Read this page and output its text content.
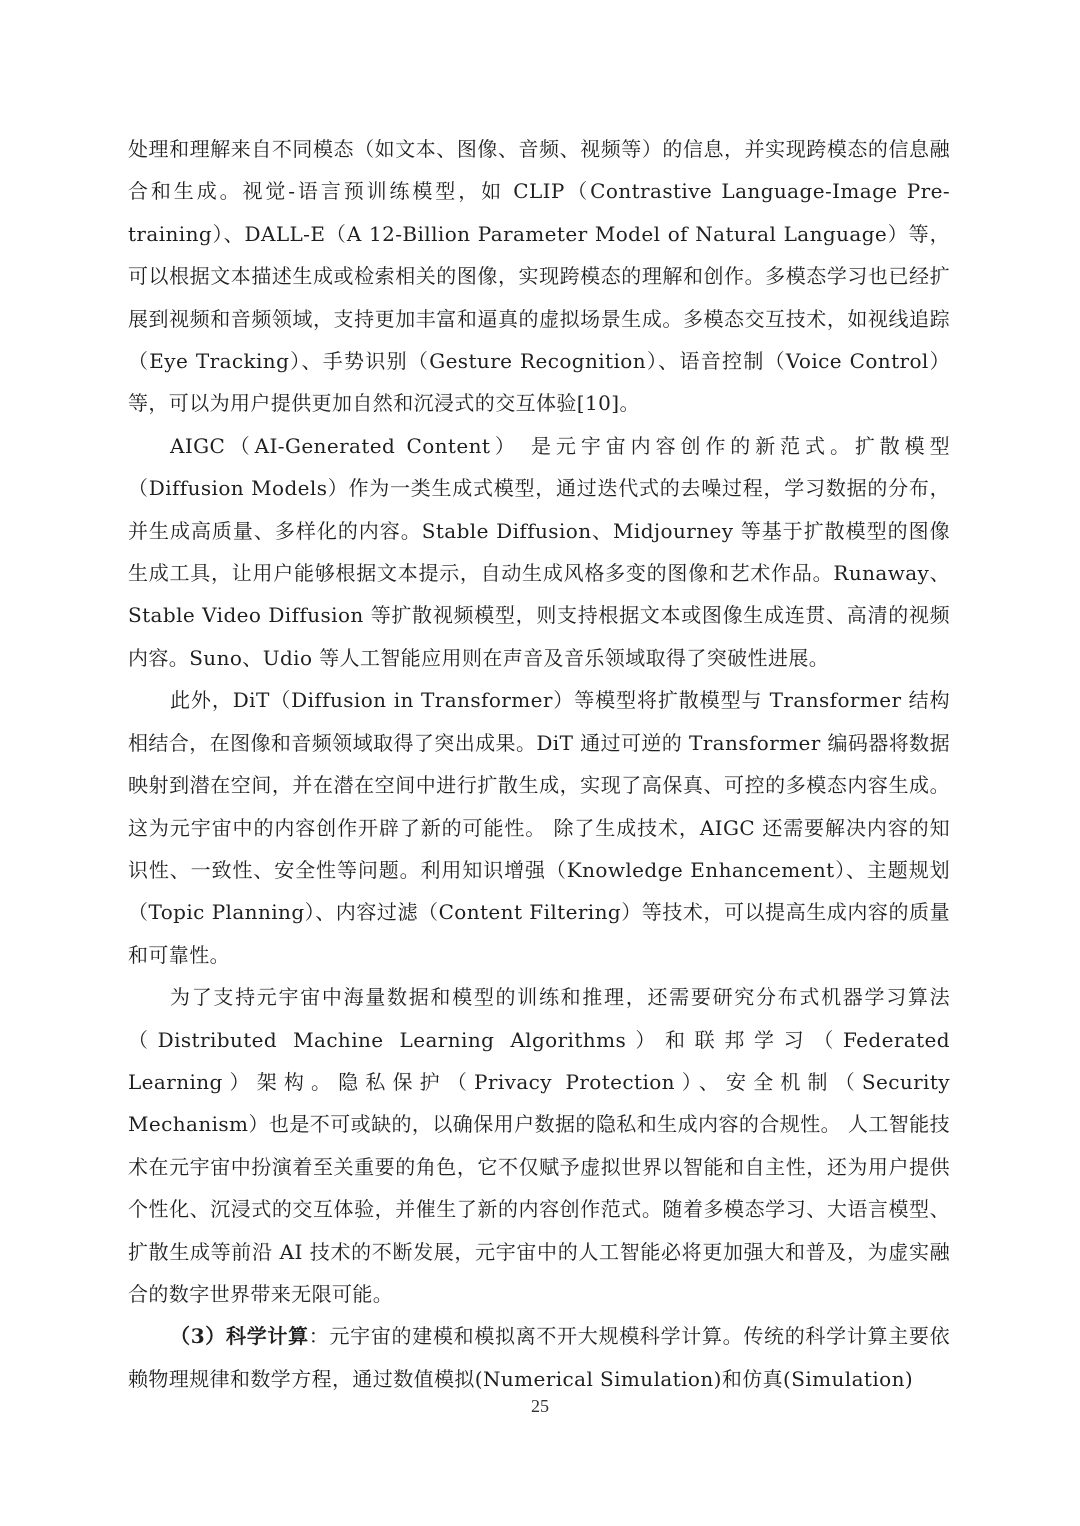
处理和理解来自不同模态（如文本、图像、音频、视频等）的信息，并实现跨模态的信息融合和生成。视觉-语言预训练模型，如 CLIP（Contrastive Language-Image Pre-training）、DALL-E（A 12-Billion Parameter Model of Natural Language）等，可以根据文本描述生成或检索相关的图像，实现跨模态的理解和创作。多模态学习也已经扩展到视频和音频领域，支持更加丰富和逼真的虚拟场景生成。多模态交互技术，如视线追踪（Eye Tracking）、手势识别（Gesture Recognition）、语音控制（Voice Control）等，可以为用户提供更加自然和沉浸式的交互体验[10]。

AIGC（AI-Generated Content） 是元宇宙内容创作的新范式。扩散模型（Diffusion Models）作为一类生成式模型，通过迭代式的去噪过程，学习数据的分布，并生成高质量、多样化的内容。Stable Diffusion、Midjourney 等基于扩散模型的图像生成工具，让用户能够根据文本提示，自动生成风格多变的图像和艺术作品。Runaway、Stable Video Diffusion 等扩散视频模型，则支持根据文本或图像生成连贯、高清的视频内容。Suno、Udio 等人工智能应用则在声音及音乐领域取得了突破性进展。

此外，DiT（Diffusion in Transformer）等模型将扩散模型与 Transformer 结构相结合，在图像和音频领域取得了突出成果。DiT 通过可逆的 Transformer 编码器将数据映射到潜在空间，并在潜在空间中进行扩散生成，实现了高保真、可控的多模态内容生成。这为元宇宙中的内容创作开辟了新的可能性。 除了生成技术，AIGC 还需要解决内容的知识性、一致性、安全性等问题。利用知识增强（Knowledge Enhancement）、主题规划（Topic Planning）、内容过滤（Content Filtering）等技术，可以提高生成内容的质量和可靠性。

为了支持元宇宙中海量数据和模型的训练和推理，还需要研究分布式机器学习算法（Distributed Machine Learning Algorithms）和联邦学习（Federated Learning）架构。隐私保护（Privacy Protection）、安全机制（Security Mechanism）也是不可或缺的，以确保用户数据的隐私和生成内容的合规性。 人工智能技术在元宇宙中扮演着至关重要的角色，它不仅赋予虚拟世界以智能和自主性，还为用户提供个性化、沉浸式的交互体验，并催生了新的内容创作范式。随着多模态学习、大语言模型、扩散生成等前沿 AI 技术的不断发展，元宇宙中的人工智能必将更加强大和普及，为虚实融合的数字世界带来无限可能。

（3）科学计算：元宇宙的建模和模拟离不开大规模科学计算。传统的科学计算主要依赖物理规律和数学方程，通过数值模拟(Numerical Simulation)和仿真(Simulation)

25
